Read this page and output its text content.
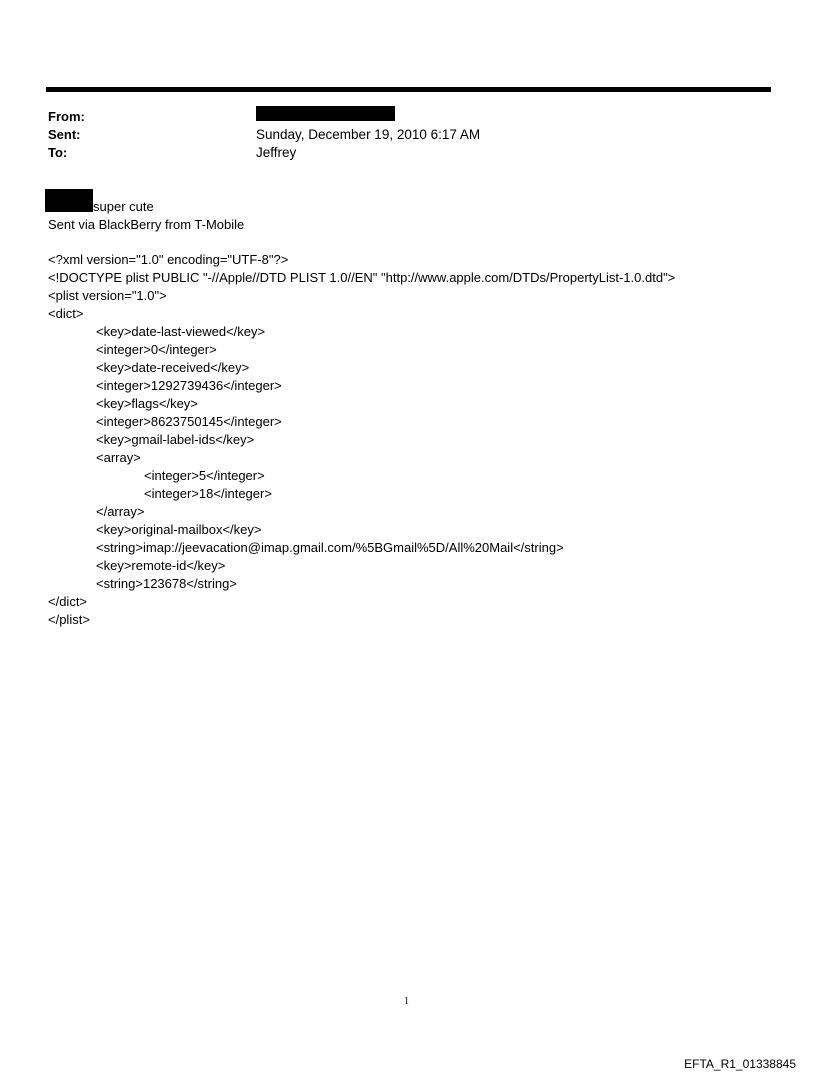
From:
Sent:	Sunday, December 19, 2010 6:17 AM
To:	Jeffrey
super cute
Sent via BlackBerry from T-Mobile
<?xml version="1.0" encoding="UTF-8"?>
<!DOCTYPE plist PUBLIC "-//Apple//DTD PLIST 1.0//EN" "http://www.apple.com/DTDs/PropertyList-1.0.dtd">
<plist version="1.0">
<dict>
<key>date-last-viewed</key>
<integer>0</integer>
<key>date-received</key>
<integer>1292739436</integer>
<key>flags</key>
<integer>8623750145</integer>
<key>gmail-label-ids</key>
<array>
<integer>5</integer>
<integer>18</integer>
</array>
<key>original-mailbox</key>
<string>imap://jeevacation@imap.gmail.com/%5BGmail%5D/All%20Mail</string>
<key>remote-id</key>
<string>123678</string>
</dict>
</plist>
1
EFTA_R1_01338845
